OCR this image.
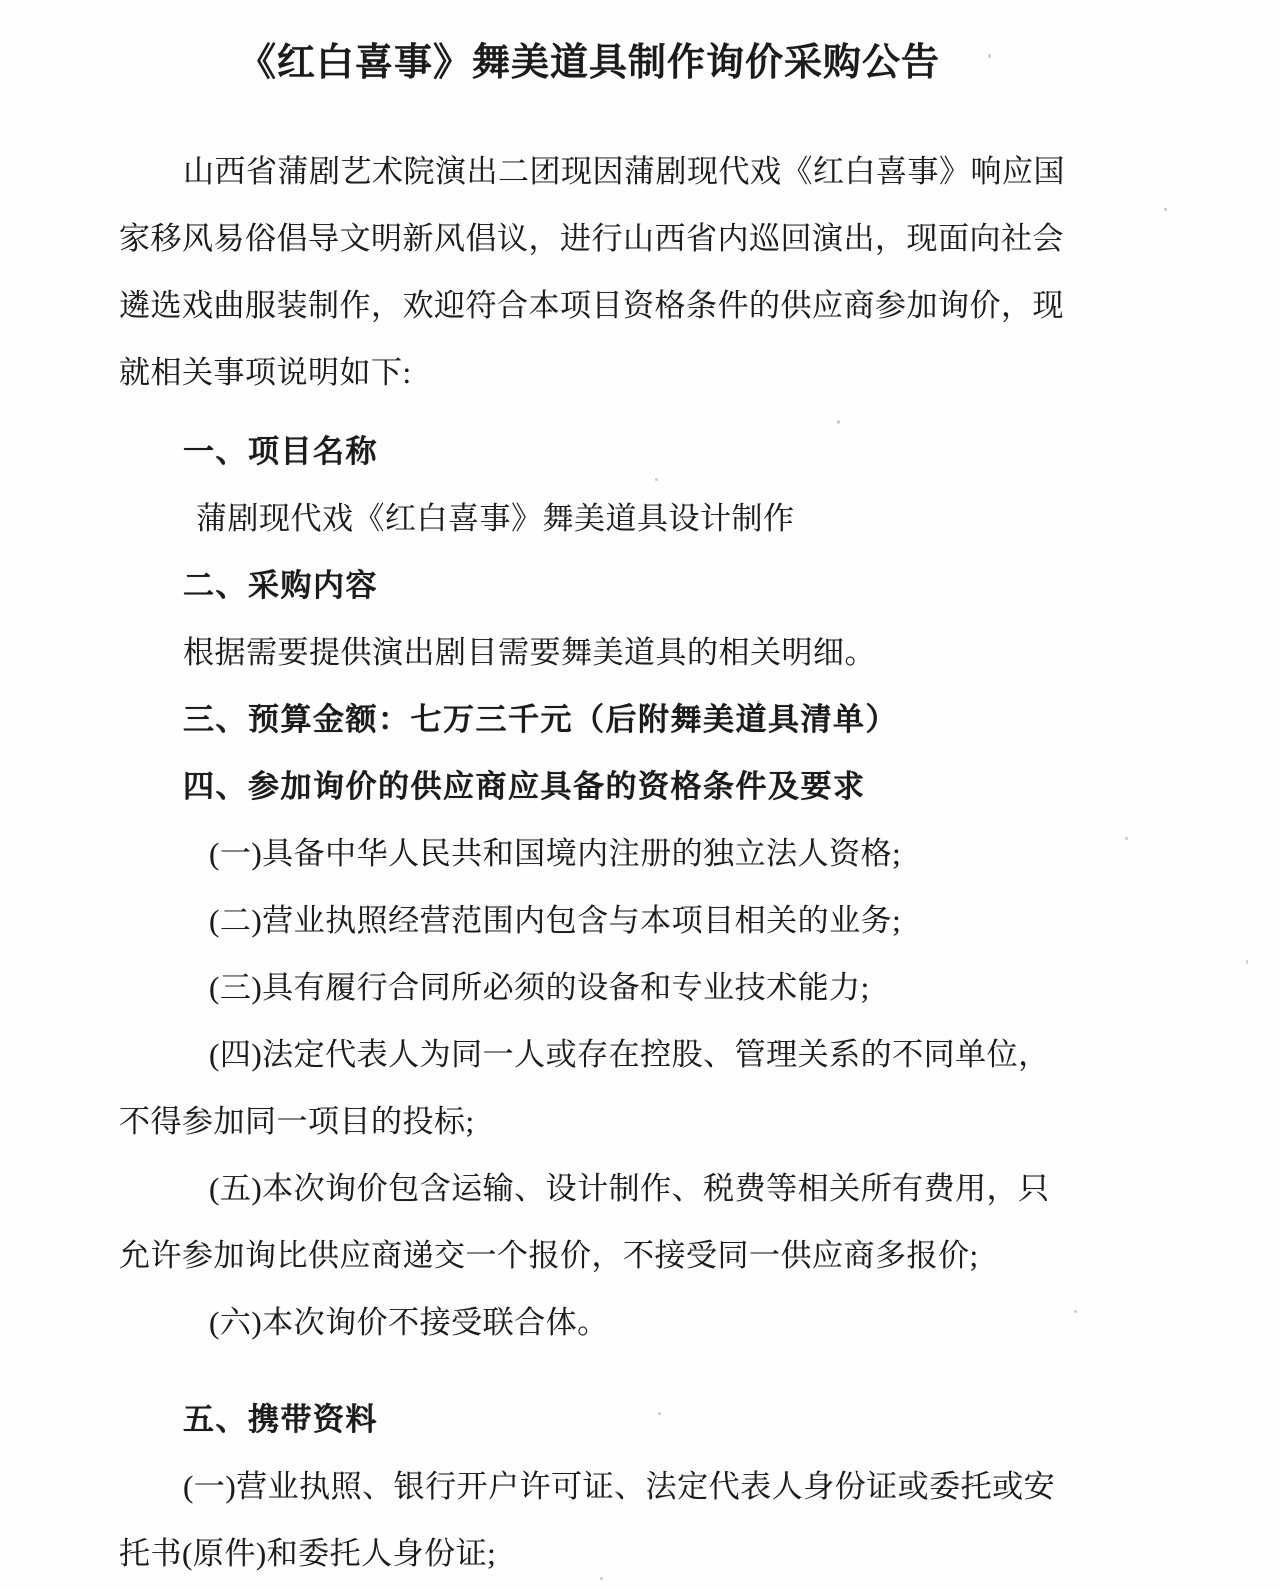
《红白喜事》舞美道具制作询价采购公告
山西省蒲剧艺术院演出二团现因蒲剧现代戏《红白喜事》响应国
家移风易俗倡导文明新风倡议，进行山西省内巡回演出，现面向社会
遴选戏曲服装制作，欢迎符合本项目资格条件的供应商参加询价，现
就相关事项说明如下:
一、项目名称
蒲剧现代戏《红白喜事》舞美道具设计制作
二、采购内容
根据需要提供演出剧目需要舞美道具的相关明细。
三、预算金额：七万三千元（后附舞美道具清单）
四、参加询价的供应商应具备的资格条件及要求
(一)具备中华人民共和国境内注册的独立法人资格;
(二)营业执照经营范围内包含与本项目相关的业务;
(三)具有履行合同所必须的设备和专业技术能力;
(四)法定代表人为同一人或存在控股、管理关系的不同单位，
不得参加同一项目的投标;
(五)本次询价包含运输、设计制作、税费等相关所有费用，只
允许参加询比供应商递交一个报价，不接受同一供应商多报价;
(六)本次询价不接受联合体。
五、携带资料
(一)营业执照、银行开户许可证、法定代表人身份证或委托或安
托书(原件)和委托人身份证;
